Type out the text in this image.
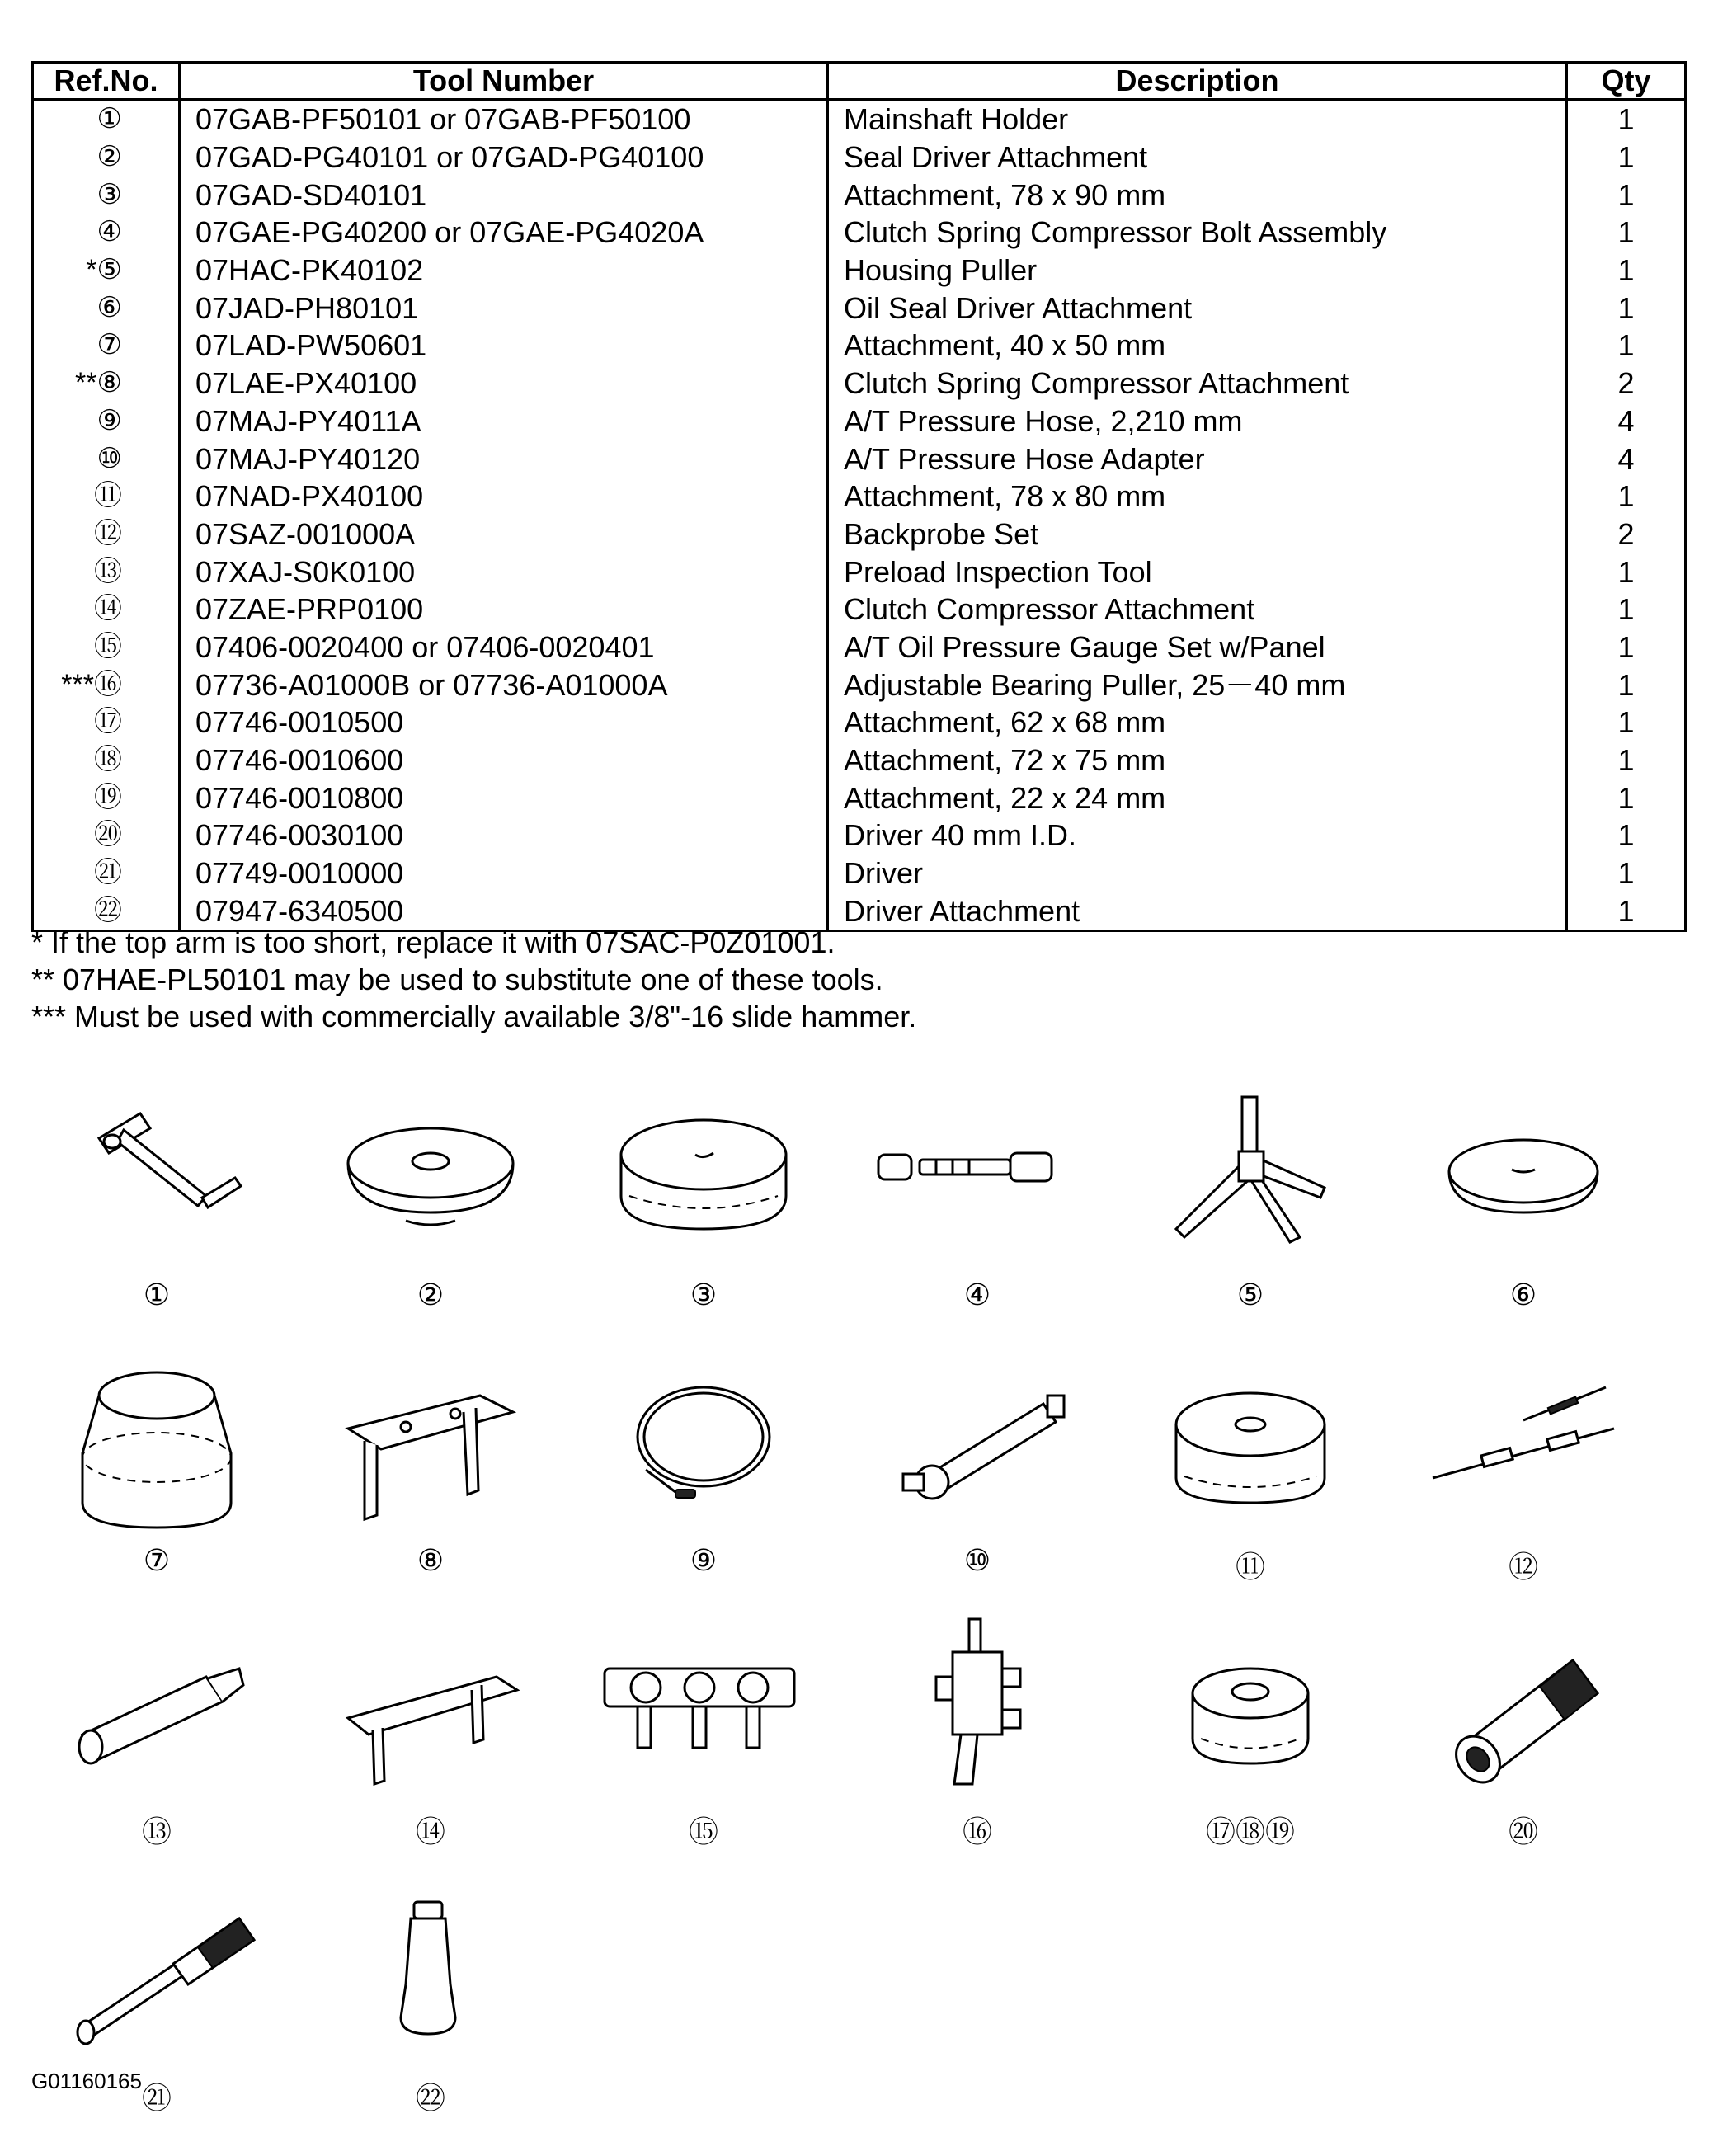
Ref.No.	Tool Number	Description	Qty
①	07GAB-PF50101 or 07GAB-PF50100	Mainshaft Holder	1
②	07GAD-PG40101 or 07GAD-PG40100	Seal Driver Attachment	1
③	07GAD-SD40101	Attachment, 78 x 90 mm	1
④	07GAE-PG40200 or 07GAE-PG4020A	Clutch Spring Compressor Bolt Assembly	1
*⑤	07HAC-PK40102	Housing Puller	1
⑥	07JAD-PH80101	Oil Seal Driver Attachment	1
⑦	07LAD-PW50601	Attachment, 40 x 50 mm	1
**⑧	07LAE-PX40100	Clutch Spring Compressor Attachment	2
⑨	07MAJ-PY4011A	A/T Pressure Hose, 2,210 mm	4
⑩	07MAJ-PY40120	A/T Pressure Hose Adapter	4
⑪	07NAD-PX40100	Attachment, 78 x 80 mm	1
⑫	07SAZ-001000A	Backprobe Set	2
⑬	07XAJ-S0K0100	Preload Inspection Tool	1
⑭	07ZAE-PRP0100	Clutch Compressor Attachment	1
⑮	07406-0020400 or 07406-0020401	A/T Oil Pressure Gauge Set w/Panel	1
***⑯	07736-A01000B or 07736-A01000A	Adjustable Bearing Puller, 25－40 mm	1
⑰	07746-0010500	Attachment, 62 x 68 mm	1
⑱	07746-0010600	Attachment, 72 x 75 mm	1
⑲	07746-0010800	Attachment, 22 x 24 mm	1
⑳	07746-0030100	Driver 40 mm I.D.	1
㉑	07749-0010000	Driver	1
㉒	07947-6340500	Driver Attachment	1
* If the top arm is too short, replace it with 07SAC-P0Z01001.
** 07HAE-PL50101 may be used to substitute one of these tools.
*** Must be used with commercially available 3/8"-16 slide hammer.
①	②	③	④	⑤	⑥
⑦	⑧	⑨	⑩	⑪	⑫
⑬	⑭	⑮	⑯	⑰⑱⑲	⑳
㉑	㉒
G01160165
